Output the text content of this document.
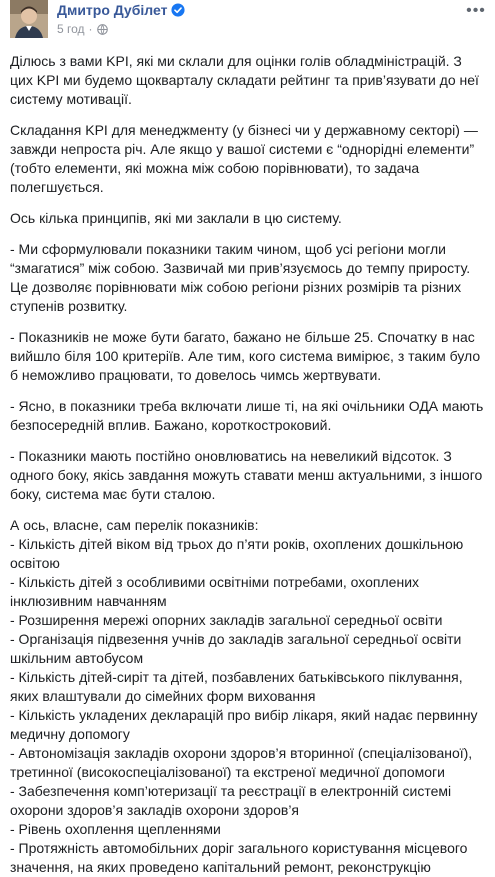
Дмитро Дубілет
5 год ·
•••

Ділюсь з вами KPI, які ми склали для оцінки голів обладміністрацій. З цих KPI ми будемо щокварталу складати рейтинг та прив’язувати до неї систему мотивації.

Складання KPI для менеджменту (у бізнесі чи у державному секторі) — завжди непроста річ. Але якщо у вашої системи є “однорідні елементи” (тобто елементи, які можна між собою порівнювати), то задача полегшується.

Ось кілька принципів, які ми заклали в цю систему.

- Ми сформулювали показники таким чином, щоб усі регіони могли “змагатися” між собою. Зазвичай ми прив’язуємось до темпу приросту. Це дозволяє порівнювати між собою регіони різних розмірів та різних ступенів розвитку.

- Показників не може бути багато, бажано не більше 25. Спочатку в нас вийшло біля 100 критеріїв. Але тим, кого система вимірює, з таким було б неможливо працювати, то довелось чимсь жертвувати.

- Ясно, в показники треба включати лише ті, на які очільники ОДА мають безпосередній вплив. Бажано, короткостроковий.

- Показники мають постійно оновлюватись на невеликий відсоток. З одного боку, якісь завдання можуть ставати менш актуальними, з іншого боку, система має бути сталою.

А ось, власне, сам перелік показників:

- Кількість дітей віком від трьох до п’яти років, охоплених дошкільною освітою

- Кількість дітей з особливими освітніми потребами, охоплених інклюзивним навчанням

- Розширення мережі опорних закладів загальної середньої освіти

- Організація підвезення учнів до закладів загальної середньої освіти шкільним автобусом

- Кількість дітей-сиріт та дітей, позбавлених батьківського піклування, яких влаштували до сімейних форм виховання

- Кількість укладених декларацій про вибір лікаря, який надає первинну медичну допомогу

- Автономізація закладів охорони здоров’я вторинної (спеціалізованої), третинної (високоспеціалізованої) та екстреної медичної допомоги

- Забезпечення комп’ютеризації та реєстрації в електронній системі охорони здоров’я закладів охорони здоров’я

- Рівень охоплення щепленнями

- Протяжність автомобільних доріг загального користування місцевого значення, на яких проведено капітальний ремонт, реконструкцію
